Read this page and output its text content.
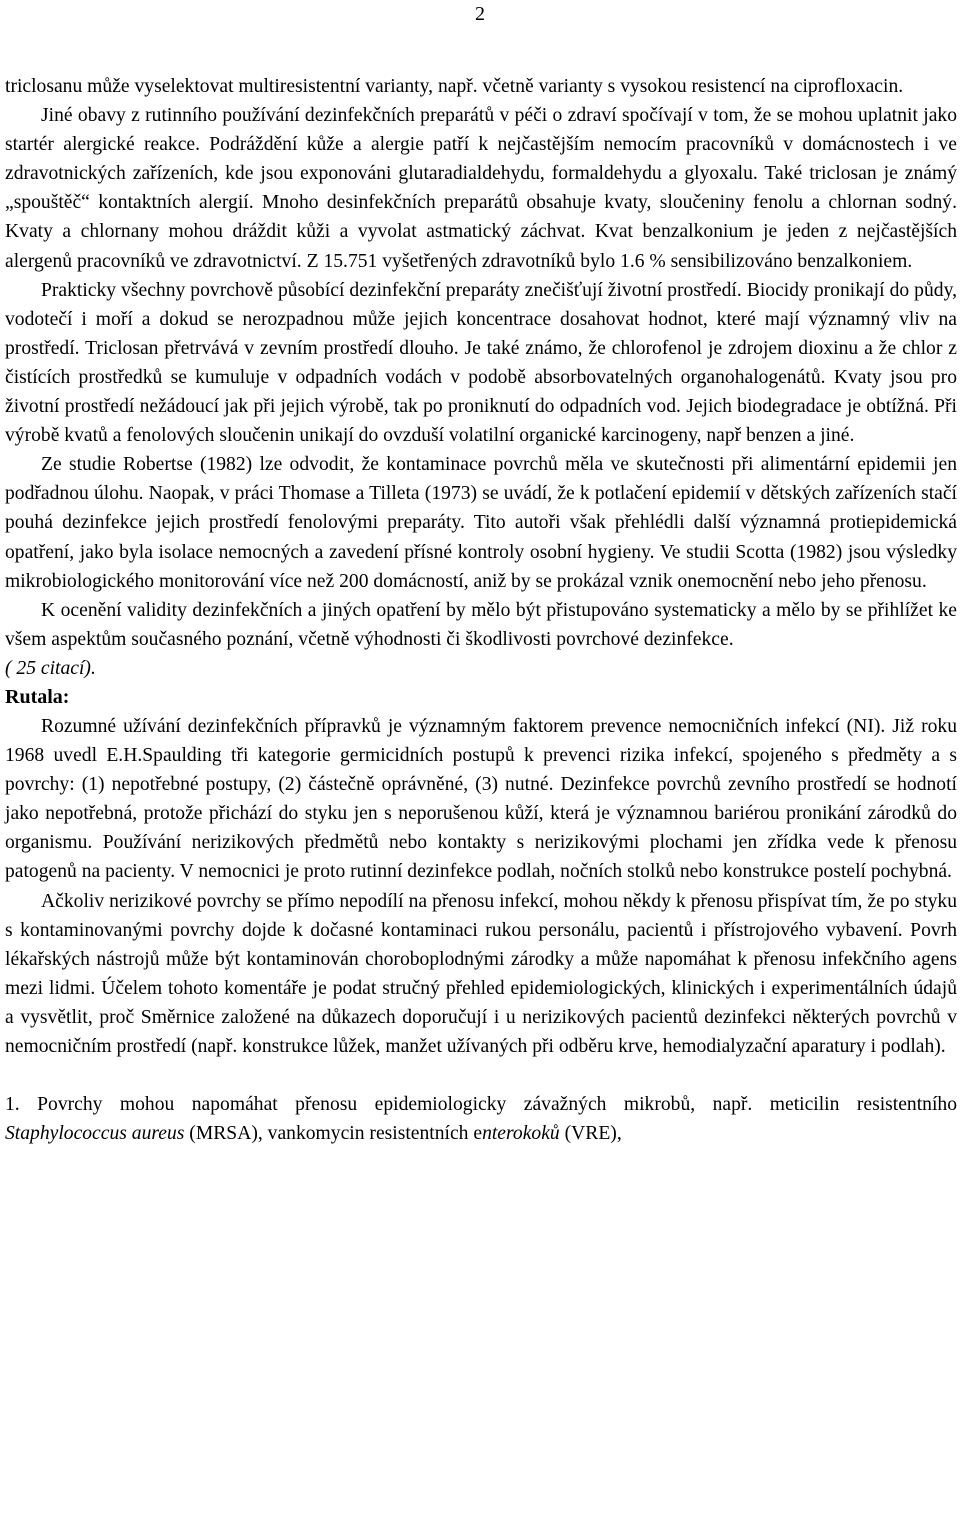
2

triclosanu může vyselektovat multiresistentní varianty, např. včetně varianty s vysokou resistencí na ciprofloxacin.

Jiné obavy z rutinního používání dezinfekčních preparátů v péči o zdraví spočívají v tom, že se mohou uplatnit jako startér alergické reakce. Podráždění kůže a alergie patří k nejčastějším nemocím pracovníků v domácnostech i ve zdravotnických zařízeních, kde jsou exponováni glutaradialdehydu, formaldehydu a glyoxalu. Také triclosan je známý „spouštěč“ kontaktních alergií. Mnoho desinfekčních preparátů obsahuje kvaty, sloučeniny fenolu a chlornan sodný. Kvaty a chlornany mohou dráždit kůži a vyvolat astmatický záchvat. Kvat benzalkonium je jeden z nejčastějších alergenů pracovníků ve zdravotnictví. Z 15.751 vyšetřených zdravotníků bylo 1.6 % sensibilizováno benzalkoniem.

Prakticky všechny povrchově působící dezinfekční preparáty znečišťují životní prostředí. Biocidy pronikají do půdy, vodotečí i moří a dokud se nerozpadnou může jejich koncentrace dosahovat hodnot, které mají významný vliv na prostředí. Triclosan přetrvává v zevním prostředí dlouho. Je také známo, že chlorofenol je zdrojem dioxinu a že chlor z čistících prostředků se kumuluje v odpadních vodách v podobě absorbovatelných organohalogenátů. Kvaty jsou pro životní prostředí nežádoucí jak při jejich výrobě, tak po proniknutí do odpadních vod. Jejich biodegradace je obtížná. Při výrobě kvatů a fenolových sloučenin unikají do ovzduší volatilní organické karcinogeny, např benzen a jiné.

Ze studie Robertse (1982) lze odvodit, že kontaminace povrchů měla ve skutečnosti při alimentární epidemii jen podřadnou úlohu. Naopak, v práci Thomase a Tilleta (1973) se uvádí, že k potlačení epidemií v dětských zařízeních stačí pouhá dezinfekce jejich prostředí fenolovými preparáty. Tito autoři však přehlédli další významná protiepidemická opatření, jako byla isolace nemocných a zavedení přísné kontroly osobní hygieny. Ve studii Scotta (1982) jsou výsledky mikrobiologického monitorování více než 200 domácností, aniž by se prokázal vznik onemocnění nebo jeho přenosu.

K ocenění validity dezinfekčních a jiných opatření by mělo být přistupováno systematicky a mělo by se přihlížet ke všem aspektům současného poznání, včetně výhodnosti či škodlivosti povrchové dezinfekce.

( 25 citací).

Rutala:

Rozumné užívání dezinfekčních přípravků je významným faktorem prevence nemocničních infekcí (NI). Již roku 1968 uvedl E.H.Spaulding tři kategorie germicidních postupů k prevenci rizika infekcí, spojeného s předměty a s povrchy: (1) nepotřebné postupy, (2) částečně oprávněné, (3) nutné. Dezinfekce povrchů zevního prostředí se hodnotí jako nepotřebná, protože přichází do styku jen s neporušenou kůží, která je významnou bariérou pronikání zárodků do organismu. Používání nerizikových předmětů nebo kontakty s nerizikovými plochami jen zřídka vede k přenosu patogenů na pacienty. V nemocnici je proto rutinní dezinfekce podlah, nočních stolků nebo konstrukce postelí pochybná.

Ačkoliv nerizikové povrchy se přímo nepodílí na přenosu infekcí, mohou někdy k přenosu přispívat tím, že po styku s kontaminovanými povrchy dojde k dočasné kontaminaci rukou personálu, pacientů i přístrojového vybavení. Povrh lékařských nástrojů může být kontaminován choroboplodnými zárodky a může napomáhat k přenosu infekčního agens mezi lidmi. Účelem tohoto komentáře je podat stručný přehled epidemiologických, klinických i experimentálních údajů a vysvětlit, proč Směrnice založené na důkazech doporučují i u nerizikových pacientů dezinfekci některých povrchů v nemocničním prostředí (např. konstrukce lůžek, manžet užívaných při odběru krve, hemodialyzační aparatury i podlah).

1. Povrchy mohou napomáhat přenosu epidemiologicky závažných mikrobů, např. meticilin resistentního Staphylococcus aureus (MRSA), vankomycin resistentních enterokoků (VRE),
